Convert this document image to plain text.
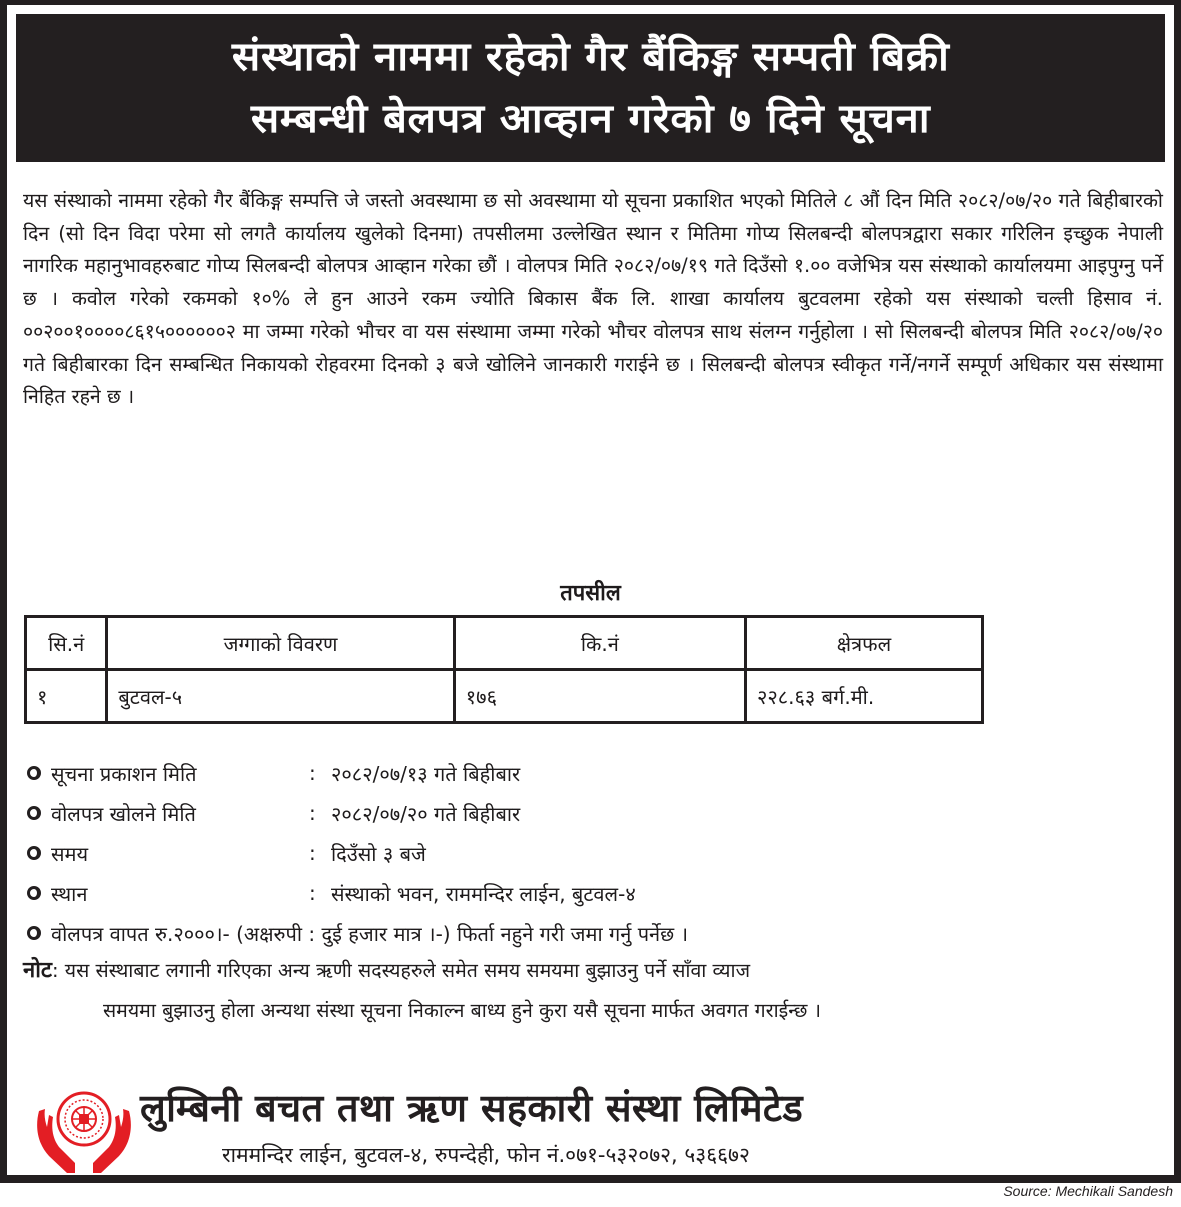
संस्थाको नाममा रहेको गैर बैंकिङ्ग सम्पती बिक्री
सम्बन्धी बेलपत्र आव्हान गरेको ७ दिने सूचना
यस संस्थाको नाममा रहेको गैर बैंकिङ्ग सम्पत्ति जे जस्तो अवस्थामा छ सो अवस्थामा यो सूचना प्रकाशित भएको मितिले ८ औं दिन मिति २०८२/०७/२० गते बिहीबारको दिन (सो दिन विदा परेमा सो लगतै कार्यालय खुलेको दिनमा) तपसीलमा उल्लेखित स्थान र मितिमा गोप्य सिलबन्दी बोलपत्रद्वारा सकार गरिलिन इच्छुक नेपाली नागरिक महानुभावहरुबाट गोप्य सिलबन्दी बोलपत्र आव्हान गरेका छौं । वोलपत्र मिति २०८२/०७/१९ गते दिउँसो १.०० वजेभित्र यस संस्थाको कार्यालयमा आइपुग्नु पर्ने छ । कवोल गरेको रकमको १०% ले हुन आउने रकम ज्योति बिकास बैंक लि. शाखा कार्यालय बुटवलमा रहेको यस संस्थाको चल्ती हिसाव नं. ००२००१००००८६१५००००००२ मा जम्मा गरेको भौचर वा यस संस्थामा जम्मा गरेको भौचर वोलपत्र साथ संलग्न गर्नुहोला । सो सिलबन्दी बोलपत्र मिति २०८२/०७/२० गते बिहीबारका दिन सम्बन्धित निकायको रोहवरमा दिनको ३ बजे खोलिने जानकारी गराईने छ । सिलबन्दी बोलपत्र स्वीकृत गर्ने/नगर्ने सम्पूर्ण अधिकार यस संस्थामा निहित रहने छ ।
तपसील
सि.नं	जग्गाको विवरण	कि.नं	क्षेत्रफल
१	बुटवल-५	१७६	२२८.६३ बर्ग.मी.
सूचना प्रकाशन मिति	: २०८२/०७/१३ गते बिहीबार
वोलपत्र खोलने मिति	: २०८२/०७/२० गते बिहीबार
समय	: दिउँसो ३ बजे
स्थान	: संस्थाको भवन, राममन्दिर लाईन, बुटवल-४
वोलपत्र वापत रु.२०००।- (अक्षरुपी : दुई हजार मात्र ।-) फिर्ता नहुने गरी जमा गर्नु पर्नेछ ।
नोट: यस संस्थाबाट लगानी गरिएका अन्य ऋणी सदस्यहरुले समेत समय समयमा बुझाउनु पर्ने साँवा व्याज
समयमा बुझाउनु होला अन्यथा संस्था सूचना निकाल्न बाध्य हुने कुरा यसै सूचना मार्फत अवगत गराईन्छ ।
लुम्बिनी बचत तथा ऋण सहकारी संस्था लिमिटेड
राममन्दिर लाईन, बुटवल-४, रुपन्देही, फोन नं.०७१-५३२०७२, ५३६६७२
Source: Mechikali Sandesh
